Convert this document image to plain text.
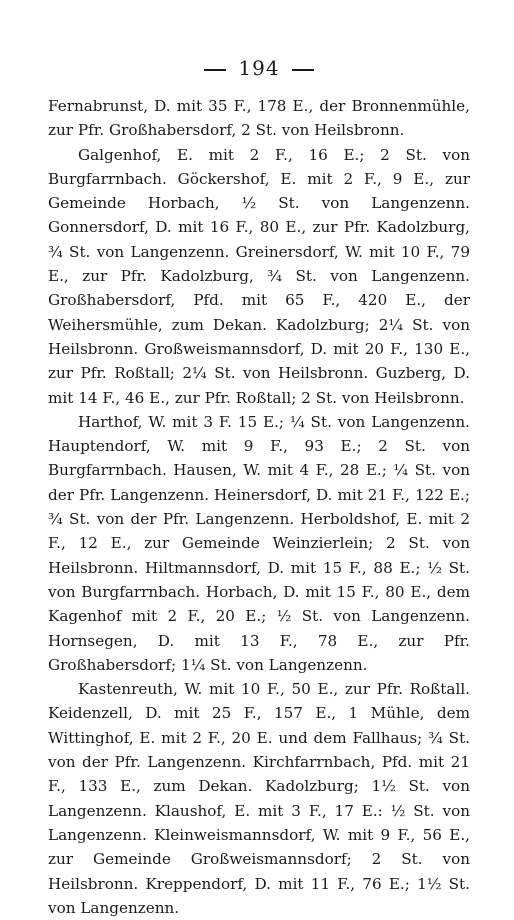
194

Fernabrunst, D. mit 35 F., 178 E., der Bronnenmühle, zur Pfr. Großhabersdorf, 2 St. von Heilsbronn.

Galgenhof, E. mit 2 F., 16 E.; 2 St. von Burgfarrnbach. Göckershof, E. mit 2 F., 9 E., zur Gemeinde Horbach, ½ St. von Langenzenn. Gonnersdorf, D. mit 16 F., 80 E., zur Pfr. Kadolzburg, ¾ St. von Langenzenn. Greinersdorf, W. mit 10 F., 79 E., zur Pfr. Kadolzburg, ¾ St. von Langenzenn. Großhabersdorf, Pfd. mit 65 F., 420 E., der Weihersmühle, zum Dekan. Kadolzburg; 2¼ St. von Heilsbronn. Großweismannsdorf, D. mit 20 F., 130 E., zur Pfr. Roßtall; 2¼ St. von Heilsbronn. Guzberg, D. mit 14 F., 46 E., zur Pfr. Roßtall; 2 St. von Heilsbronn.

Harthof, W. mit 3 F. 15 E.; ¼ St. von Langenzenn. Hauptendorf, W. mit 9 F., 93 E.; 2 St. von Burgfarrnbach. Hausen, W. mit 4 F., 28 E.; ¼ St. von der Pfr. Langenzenn. Heinersdorf, D. mit 21 F., 122 E.; ¾ St. von der Pfr. Langenzenn. Herboldshof, E. mit 2 F., 12 E., zur Gemeinde Weinzierlein; 2 St. von Heilsbronn. Hiltmannsdorf, D. mit 15 F., 88 E.; ½ St. von Burgfarrnbach. Horbach, D. mit 15 F., 80 E., dem Kagenhof mit 2 F., 20 E.; ½ St. von Langenzenn. Hornsegen, D. mit 13 F., 78 E., zur Pfr. Großhabersdorf; 1¼ St. von Langenzenn.

Kastenreuth, W. mit 10 F., 50 E., zur Pfr. Roßtall. Keidenzell, D. mit 25 F., 157 E., 1 Mühle, dem Wittinghof, E. mit 2 F., 20 E. und dem Fallhaus; ¾ St. von der Pfr. Langenzenn. Kirchfarrnbach, Pfd. mit 21 F., 133 E., zum Dekan. Kadolzburg; 1½ St. von Langenzenn. Klaushof, E. mit 3 F., 17 E.: ½ St. von Langenzenn. Kleinweismannsdorf, W. mit 9 F., 56 E., zur Gemeinde Großweismannsdorf; 2 St. von Heilsbronn. Kreppendorf, D. mit 11 F., 76 E.; 1½ St. von Langenzenn.
